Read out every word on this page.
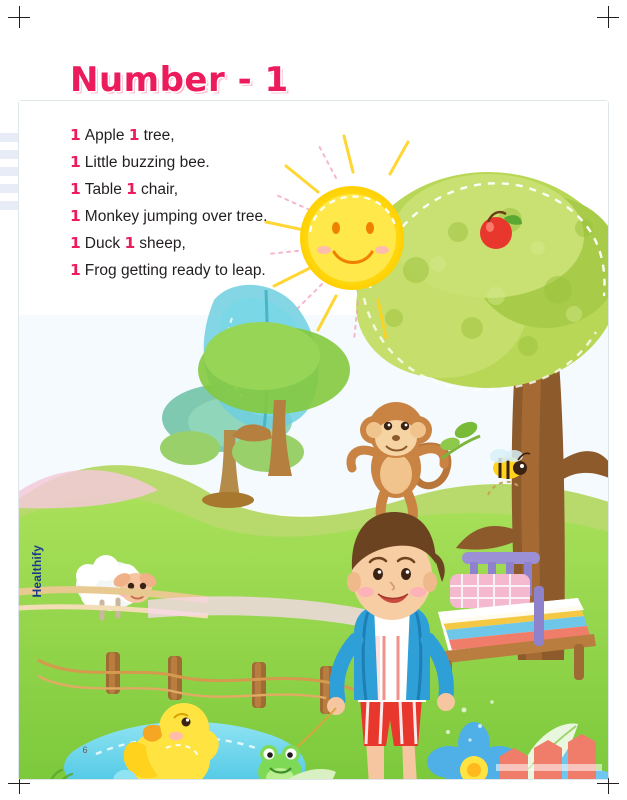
Number - 1
1 Apple 1 tree,
1 Little buzzing bee.
1 Table 1 chair,
1 Monkey jumping over tree.
1 Duck 1 sheep,
1 Frog getting ready to leap.
Healthify
6
